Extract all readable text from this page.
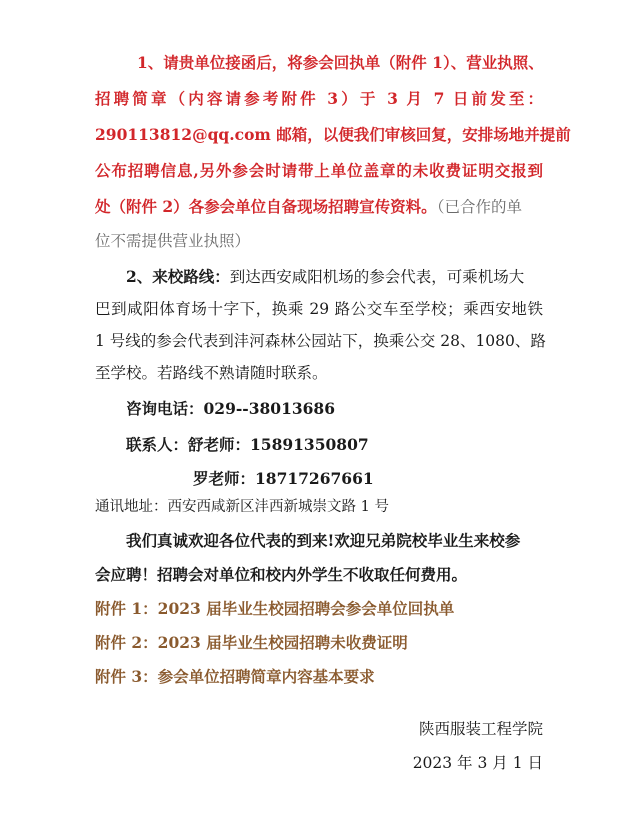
1、请贵单位接函后，将参会回执单（附件 1）、营业执照、
招聘简章（内容请参考附件 3）于 3 月 7 日前发至：
290113812@qq.com 邮箱，以便我们审核回复，安排场地并提前
公布招聘信息,另外参会时请带上单位盖章的未收费证明交报到
处（附件 2）各参会单位自备现场招聘宣传资料。（已合作的单
位不需提供营业执照）
2、来校路线：到达西安咸阳机场的参会代表，可乘机场大
巴到咸阳体育场十字下，换乘 29 路公交车至学校；乘西安地铁
1 号线的参会代表到沣河森林公园站下，换乘公交 28、1080、路
至学校。若路线不熟请随时联系。
咨询电话：029--38013686
联系人：舒老师：15891350807
罗老师：18717267661
通讯地址：西安西咸新区沣西新城崇文路 1 号
我们真诚欢迎各位代表的到来!欢迎兄弟院校毕业生来校参
会应聘！招聘会对单位和校内外学生不收取任何费用。
附件 1：2023 届毕业生校园招聘会参会单位回执单
附件 2：2023 届毕业生校园招聘未收费证明
附件 3：参会单位招聘简章内容基本要求
陕西服装工程学院
2023 年 3 月 1 日
